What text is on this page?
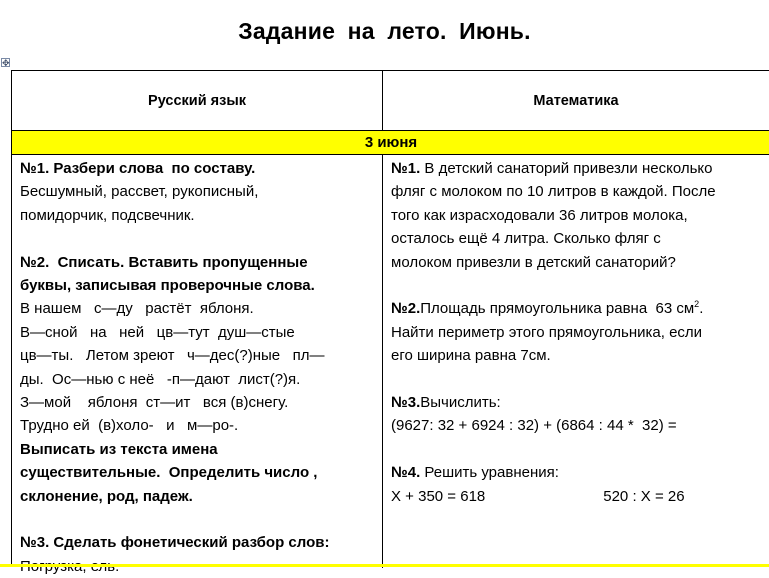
Задание на лето. Июнь.
✥
Русский язык	Математика
3 июня

№1. Разбери слова  по составу.

Бесшумный, рассвет, рукописный,

помидорчик, подсвечник.

№2.  Списать. Вставить пропущенные

буквы, записывая проверочные слова.

В нашем   с—ду   растёт  яблоня.

В—сной   на   ней   цв—тут  душ—стые

цв—ты.   Летом зреют   ч—дес(?)ные   пл—

ды.  Ос—нью с неё   -п—дают  лист(?)я.

З—мой    яблоня  ст—ит   вся (в)снегу.

Трудно ей  (в)холо-   и   м—ро-.

Выписать из текста имена

существительные.  Определить число ,

склонение, род, падеж.

№3. Сделать фонетический разбор слов:

№1. В детский санаторий привезли несколько

фляг с молоком по 10 литров в каждой. После

того как израсходовали 36 литров молока,

осталось ещё 4 литра. Сколько фляг с

молоком привезли в детский санаторий?

№2.Площадь прямоугольника равна  63 $см^2$.

Найти периметр этого прямоугольника, если

его ширина равна 7см.

№3.Вычислить:

(9627: 32 + 6924 : 32) + (6864 : 44 *  32) =

№4. Решить уравнения:

Х + 350 = 618	520 : Х = 26
